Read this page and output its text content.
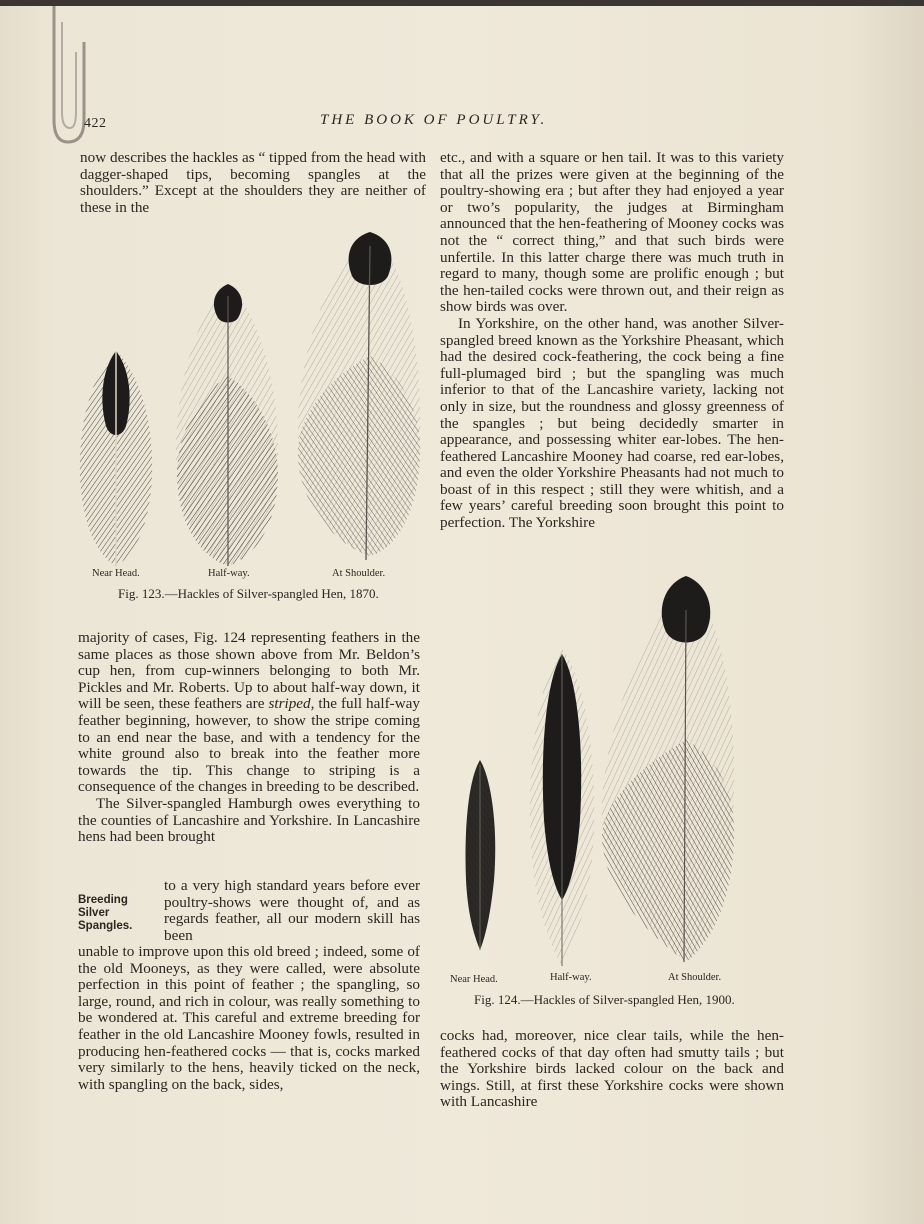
422	THE BOOK OF POULTRY.

now describes the hackles as “ tipped from the head with dagger-shaped tips, becoming spangles at the shoulders.” Except at the shoulders they are neither of these in the

Near Head.	Half-way.	At Shoulder.
Fig. 123.—Hackles of Silver-spangled Hen, 1870.

majority of cases, Fig. 124 representing feathers in the same places as those shown above from Mr. Beldon’s cup hen, from cup-winners belonging to both Mr. Pickles and Mr. Roberts. Up to about half-way down, it will be seen, these feathers are striped, the full half-way feather beginning, however, to show the stripe coming to an end near the base, and with a tendency for the white ground also to break into the feather more towards the tip. This change to striping is a consequence of the changes in breeding to be described.

The Silver-spangled Hamburgh owes everything to the counties of Lancashire and Yorkshire. In Lancashire hens had been brought

Breeding
Silver
Spangles.
to a very high standard years before ever poultry-shows were thought of, and as regards feather, all our modern skill has been

unable to improve upon this old breed ; indeed, some of the old Mooneys, as they were called, were absolute perfection in this point of feather ; the spangling, so large, round, and rich in colour, was really something to be wondered at. This careful and extreme breeding for feather in the old Lancashire Mooney fowls, resulted in producing hen-feathered cocks — that is, cocks marked very similarly to the hens, heavily ticked on the neck, with spangling on the back, sides,

etc., and with a square or hen tail. It was to this variety that all the prizes were given at the beginning of the poultry-showing era ; but after they had enjoyed a year or two’s popularity, the judges at Birmingham announced that the hen-feathering of Mooney cocks was not the “ correct thing,” and that such birds were unfertile. In this latter charge there was much truth in regard to many, though some are prolific enough ; but the hen-tailed cocks were thrown out, and their reign as show birds was over.

In Yorkshire, on the other hand, was another Silver-spangled breed known as the Yorkshire Pheasant, which had the desired cock-feathering, the cock being a fine full-plumaged bird ; but the spangling was much inferior to that of the Lancashire variety, lacking not only in size, but the roundness and glossy greenness of the spangles ; but being decidedly smarter in appearance, and possessing whiter ear-lobes. The hen-feathered Lancashire Mooney had coarse, red ear-lobes, and even the older Yorkshire Pheasants had not much to boast of in this respect ; still they were whitish, and a few years’ careful breeding soon brought this point to perfection. The Yorkshire

Near Head.	Half-way.	At Shoulder.
Fig. 124.—Hackles of Silver-spangled Hen, 1900.

cocks had, moreover, nice clear tails, while the hen-feathered cocks of that day often had smutty tails ; but the Yorkshire birds lacked colour on the back and wings. Still, at first these Yorkshire cocks were shown with Lancashire
